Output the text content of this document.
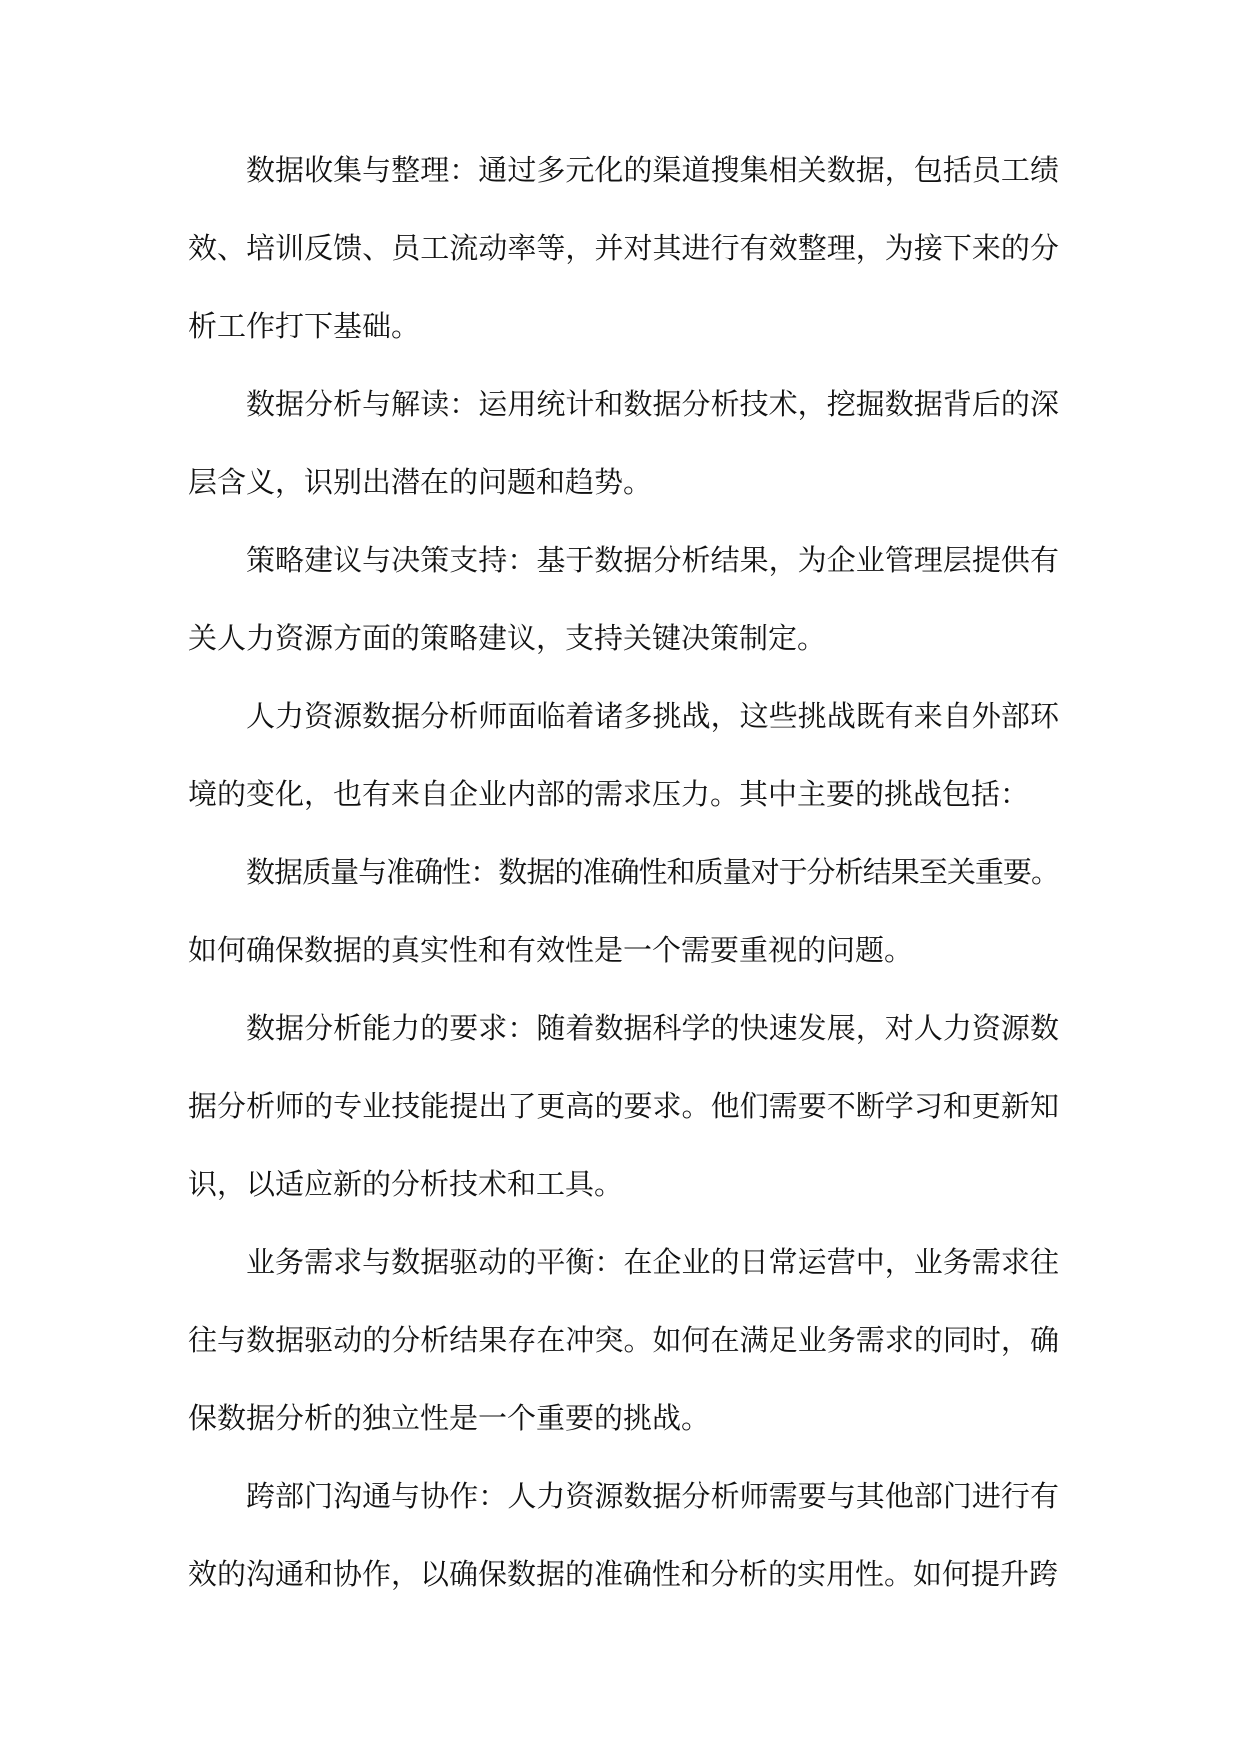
数据收集与整理：通过多元化的渠道搜集相关数据，包括员工绩
效、培训反馈、员工流动率等，并对其进行有效整理，为接下来的分
析工作打下基础。
数据分析与解读：运用统计和数据分析技术，挖掘数据背后的深
层含义，识别出潜在的问题和趋势。
策略建议与决策支持：基于数据分析结果，为企业管理层提供有
关人力资源方面的策略建议，支持关键决策制定。
人力资源数据分析师面临着诸多挑战，这些挑战既有来自外部环
境的变化，也有来自企业内部的需求压力。其中主要的挑战包括：
数据质量与准确性：数据的准确性和质量对于分析结果至关重要。
如何确保数据的真实性和有效性是一个需要重视的问题。
数据分析能力的要求：随着数据科学的快速发展，对人力资源数
据分析师的专业技能提出了更高的要求。他们需要不断学习和更新知
识，以适应新的分析技术和工具。
业务需求与数据驱动的平衡：在企业的日常运营中，业务需求往
往与数据驱动的分析结果存在冲突。如何在满足业务需求的同时，确
保数据分析的独立性是一个重要的挑战。
跨部门沟通与协作：人力资源数据分析师需要与其他部门进行有
效的沟通和协作，以确保数据的准确性和分析的实用性。如何提升跨
